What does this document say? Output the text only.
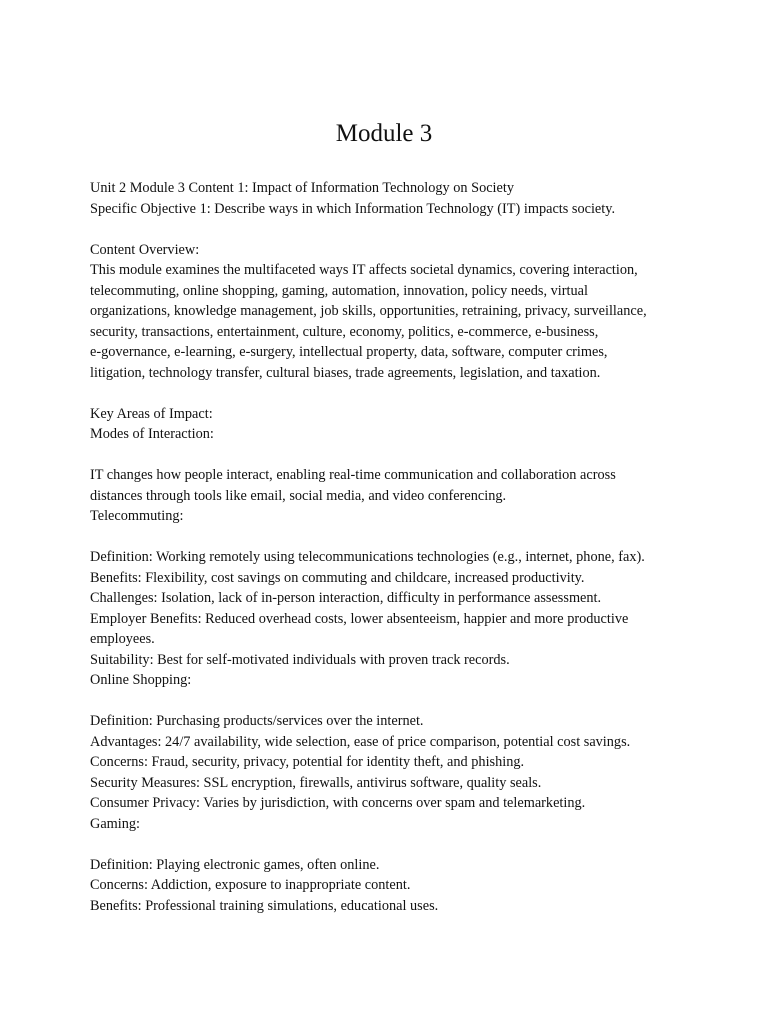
Module 3
Unit 2 Module 3 Content 1: Impact of Information Technology on Society
Specific Objective 1: Describe ways in which Information Technology (IT) impacts society.
Content Overview:
This module examines the multifaceted ways IT affects societal dynamics, covering interaction,
telecommuting, online shopping, gaming, automation, innovation, policy needs, virtual
organizations, knowledge management, job skills, opportunities, retraining, privacy, surveillance,
security, transactions, entertainment, culture, economy, politics, e-commerce, e-business,
e-governance, e-learning, e-surgery, intellectual property, data, software, computer crimes,
litigation, technology transfer, cultural biases, trade agreements, legislation, and taxation.
Key Areas of Impact:
Modes of Interaction:
IT changes how people interact, enabling real-time communication and collaboration across
distances through tools like email, social media, and video conferencing.
Telecommuting:
Definition: Working remotely using telecommunications technologies (e.g., internet, phone, fax).
Benefits: Flexibility, cost savings on commuting and childcare, increased productivity.
Challenges: Isolation, lack of in-person interaction, difficulty in performance assessment.
Employer Benefits: Reduced overhead costs, lower absenteeism, happier and more productive
employees.
Suitability: Best for self-motivated individuals with proven track records.
Online Shopping:
Definition: Purchasing products/services over the internet.
Advantages: 24/7 availability, wide selection, ease of price comparison, potential cost savings.
Concerns: Fraud, security, privacy, potential for identity theft, and phishing.
Security Measures: SSL encryption, firewalls, antivirus software, quality seals.
Consumer Privacy: Varies by jurisdiction, with concerns over spam and telemarketing.
Gaming:
Definition: Playing electronic games, often online.
Concerns: Addiction, exposure to inappropriate content.
Benefits: Professional training simulations, educational uses.
